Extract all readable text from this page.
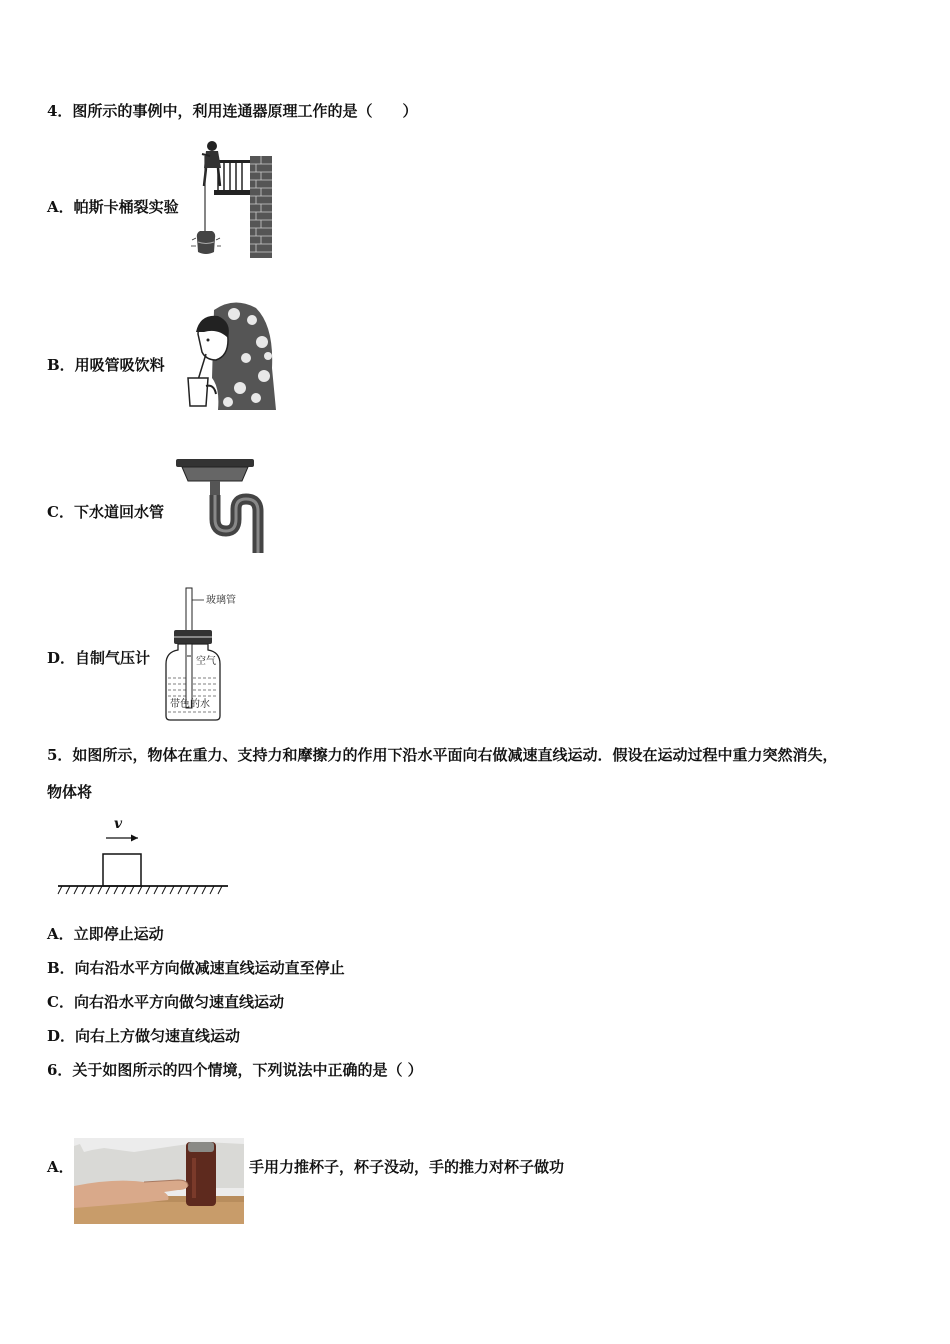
4．图所示的事例中，利用连通器原理工作的是（　　）
A．帕斯卡桶裂实验
B．用吸管吸饮料
C．下水道回水管
D．自制气压计
玻璃管
空气
带色的水
5．如图所示，物体在重力、支持力和摩擦力的作用下沿水平面向右做减速直线运动．假设在运动过程中重力突然消失，
物体将
v
A．立即停止运动
B．向右沿水平方向做减速直线运动直至停止
C．向右沿水平方向做匀速直线运动
D．向右上方做匀速直线运动
6．关于如图所示的四个情境，下列说法中正确的是（ ）
A．	手用力推杯子，杯子没动，手的推力对杯子做功
